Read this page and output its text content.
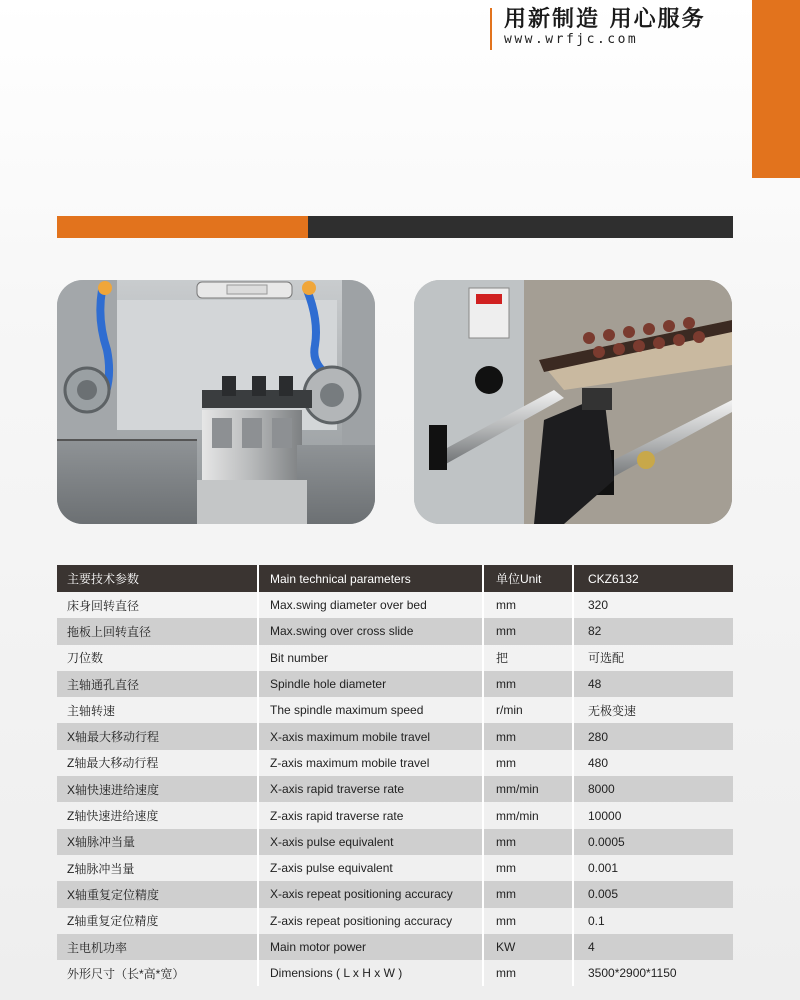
用新制造 用心服务
www.wrfjc.com
主要技术参数	Main technical parameters	单位Unit	CKZ6132
床身回转直径	Max.swing diameter over bed	mm	320
拖板上回转直径	Max.swing over cross slide	mm	82
刀位数	Bit number	把	可选配
主轴通孔直径	Spindle hole diameter	mm	48
主轴转速	The spindle maximum speed	r/min	无极变速
X轴最大移动行程	X-axis maximum mobile travel	mm	280
Z轴最大移动行程	Z-axis maximum mobile travel	mm	480
X轴快速进给速度	X-axis rapid traverse rate	mm/min	8000
Z轴快速进给速度	Z-axis rapid traverse rate	mm/min	10000
X轴脉冲当量	X-axis pulse equivalent	mm	0.0005
Z轴脉冲当量	Z-axis pulse equivalent	mm	0.001
X轴重复定位精度	X-axis repeat positioning accuracy	mm	0.005
Z轴重复定位精度	Z-axis repeat positioning accuracy	mm	0.1
主电机功率	Main motor power	KW	4
外形尺寸（长*高*宽）	Dimensions ( L x H x W )	mm	3500*2900*1150
